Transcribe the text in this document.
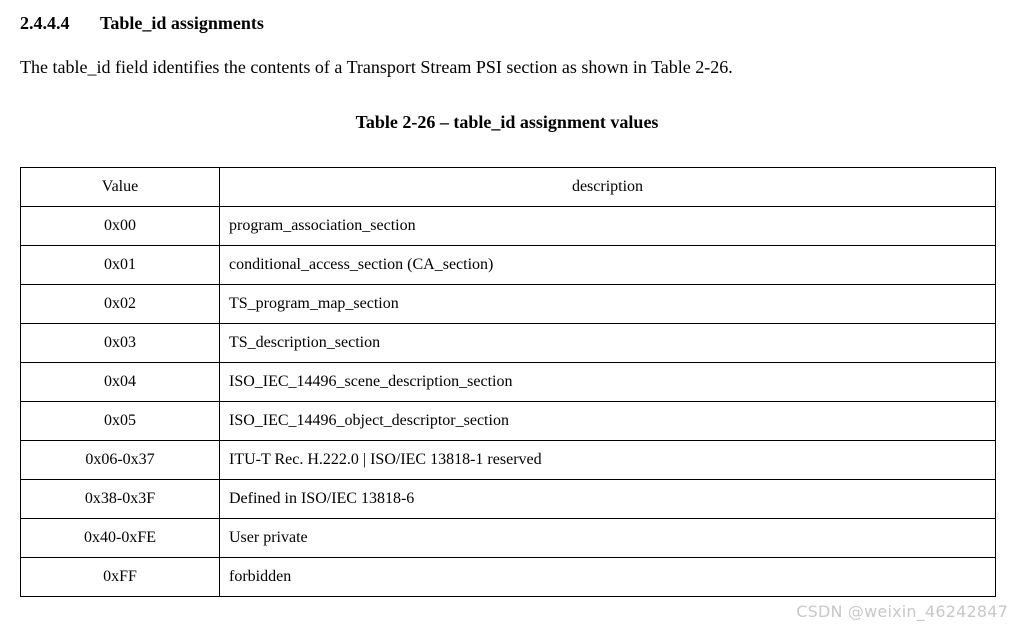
2.4.4.4 Table_id assignments
The table_id field identifies the contents of a Transport Stream PSI section as shown in Table 2-26.
Table 2-26 – table_id assignment values
Value	description
0x00	program_association_section
0x01	conditional_access_section (CA_section)
0x02	TS_program_map_section
0x03	TS_description_section
0x04	ISO_IEC_14496_scene_description_section
0x05	ISO_IEC_14496_object_descriptor_section
0x06-0x37	ITU-T Rec. H.222.0 | ISO/IEC 13818-1 reserved
0x38-0x3F	Defined in ISO/IEC 13818-6
0x40-0xFE	User private
0xFF	forbidden
CSDN @weixin_46242847
